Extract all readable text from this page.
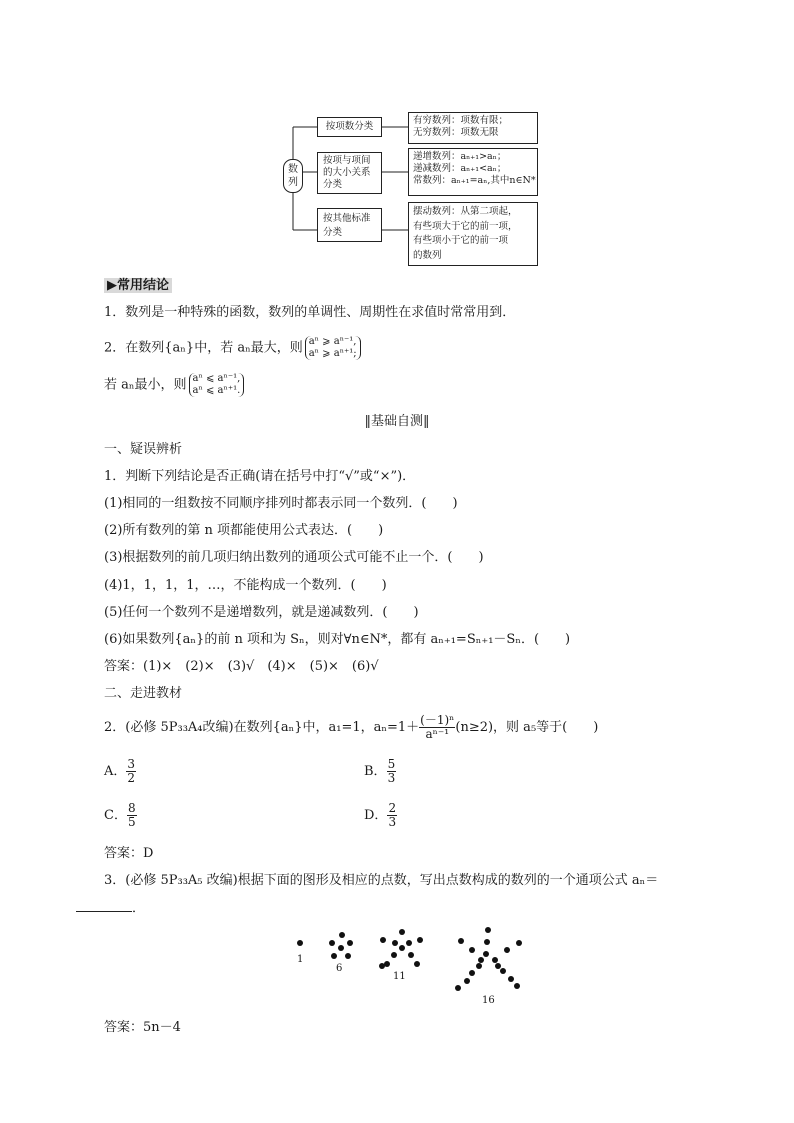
数列
按项数分类
有穷数列：项数有限；
无穷数列：项数无限
按项与项间
的大小关系
分类
递增数列：aₙ₊₁>aₙ；
递减数列：aₙ₊₁<aₙ；
常数列：aₙ₊₁=aₙ,其中n∈N*
按其他标准
分类
摆动数列：从第二项起，
有些项大于它的前一项，
有些项小于它的前一项
的数列
▶常用结论
1．数列是一种特殊的函数，数列的单调性、周期性在求值时常常用到．
2．在数列{aₙ}中，若 aₙ最大，则 aⁿ ⩾ aⁿ⁻¹,
aⁿ ⩾ aⁿ⁺¹;
若 aₙ最小，则 aⁿ ⩽ aⁿ⁻¹,
aⁿ ⩽ aⁿ⁺¹.
‖基础自测‖
一、疑误辨析
1．判断下列结论是否正确(请在括号中打“√”或“×”)．
(1)相同的一组数按不同顺序排列时都表示同一个数列．(　　)
(2)所有数列的第 n 项都能使用公式表达．(　　)
(3)根据数列的前几项归纳出数列的通项公式可能不止一个．(　　)
(4)1，1，1，1，…，不能构成一个数列．(　　)
(5)任何一个数列不是递增数列，就是递减数列．(　　)
(6)如果数列{aₙ}的前 n 项和为 Sₙ，则对∀n∈N*，都有 aₙ₊₁=Sₙ₊₁－Sₙ．(　　)
答案：(1)×　(2)×　(3)√　(4)×　(5)×　(6)√
二、走进教材
2．(必修 5P₃₃A₄改编)在数列{aₙ}中，a₁=1，$a_n=1+ \frac{\text{(－1)ⁿ}}{\text{aⁿ⁻¹}} (n\ge 2)$，则 a₅等于(　　)
A． $\frac{3}{2}$	B． $\frac{5}{3}$
C． $\frac{8}{5}$	D． $\frac{2}{3}$
答案：D
3．(必修 5P₃₃A₅ 改编)根据下面的图形及相应的点数，写出点数构成的数列的一个通项公式 aₙ＝
．
1
6
11
16
答案：5n－4
